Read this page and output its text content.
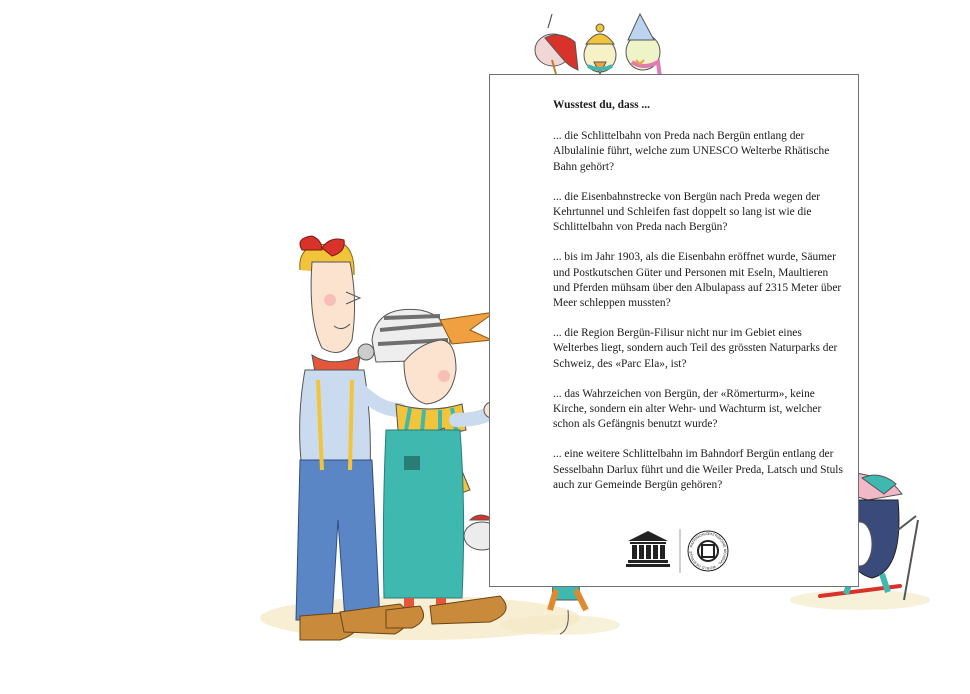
Wusstest du, dass ...
... die Schlittelbahn von Preda nach Bergün entlang der Albulalinie führt, welche zum UNESCO Welterbe Rhätische Bahn gehört?
... die Eisenbahnstrecke von Bergün nach Preda wegen der Kehrtunnel und Schleifen fast doppelt so lang ist wie die Schlittelbahn von Preda nach Bergün?
... bis im Jahr 1903, als die Eisenbahn eröffnet wurde, Säumer und Postkutschen Güter und Personen mit Eseln, Maultieren und Pferden mühsam über den Albulapass auf 2315 Meter über Meer schleppen mussten?
... die Region Bergün-Filisur nicht nur im Gebiet eines Welterbes liegt, sondern auch Teil des grössten Naturparks der Schweiz, des «Parc Ela», ist?
... das Wahrzeichen von Bergün, der «Römerturm», keine Kirche, sondern ein alter Wehr- und Wachturm ist, welcher schon als Gefängnis benutzt wurde?
... eine weitere Schlittelbahn im Bahndorf Bergün entlang der Sesselbahn Darlux führt und die Weiler Preda, Latsch und Stuls auch zur Gemeinde Bergün gehören?
PATRIMOINE MONDIAL · WORLD HERITAGE · PATRIMONIO
